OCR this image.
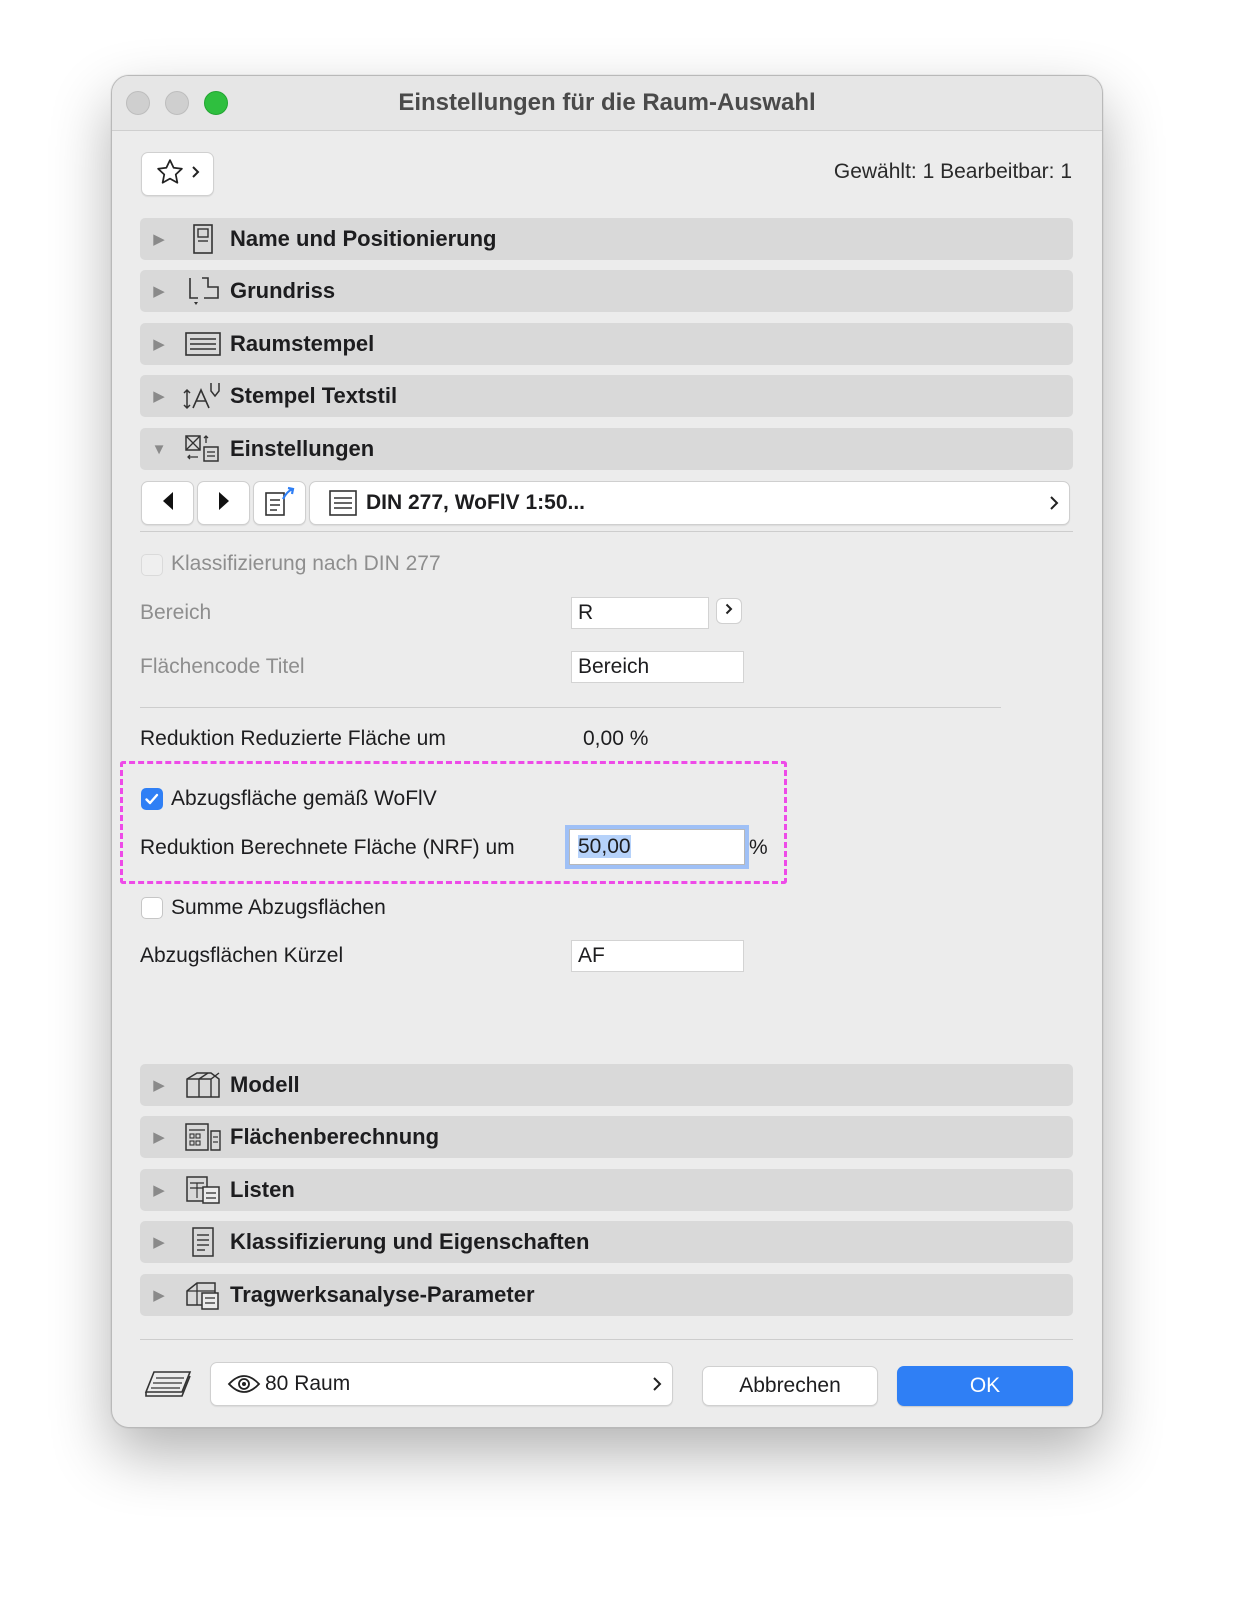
Einstellungen für die Raum-Auswahl
Gewählt: 1 Bearbeitbar: 1
▶	Name und Positionierung
▶	Grundriss
▶	Raumstempel
▶	Stempel Textstil
▼	Einstellungen
DIN 277, WoFlV 1:50...
Klassifizierung nach DIN 277
Bereich	R
Flächencode Titel	Bereich
Reduktion Reduzierte Fläche um	0,00 %
Abzugsfläche gemäß WoFlV
Reduktion Berechnete Fläche (NRF) um	50,00	%
Summe Abzugsflächen
Abzugsflächen Kürzel	AF
▶	Modell
▶	Flächenberechnung
▶	Listen
▶	Klassifizierung und Eigenschaften
▶	Tragwerksanalyse-Parameter
80 Raum	Abbrechen	OK
